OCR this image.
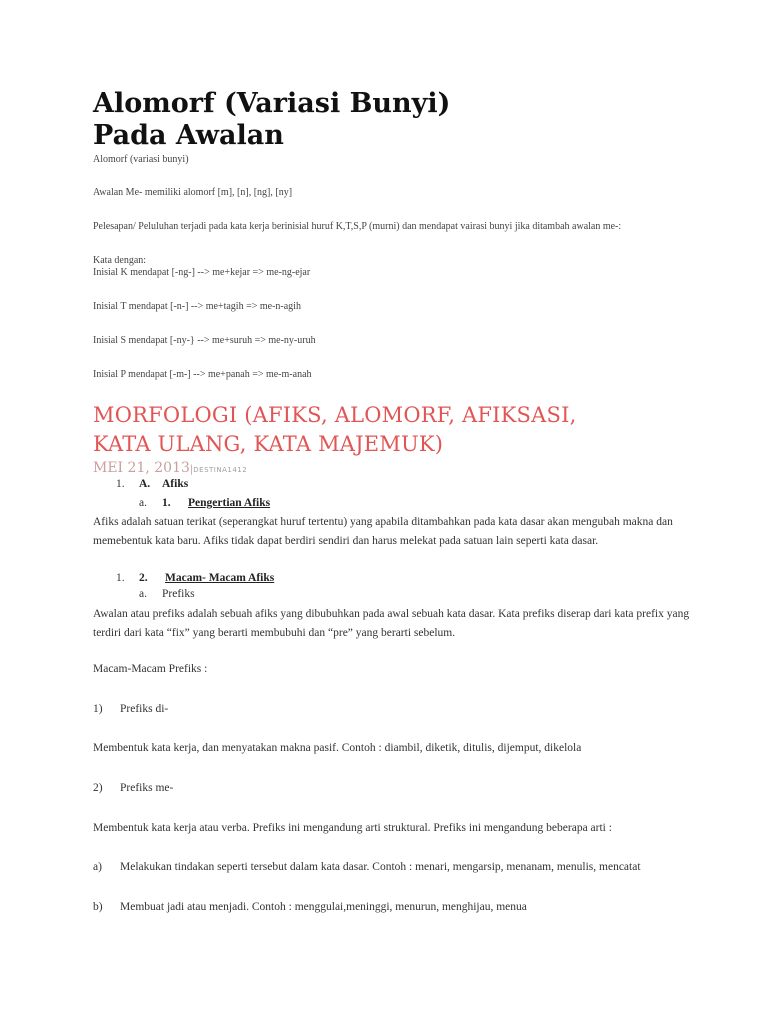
Alomorf (Variasi Bunyi)
Pada Awalan
Alomorf (variasi bunyi)
Awalan Me- memiliki alomorf [m], [n], [ng], [ny]
Pelesapan/ Peluluhan terjadi pada kata kerja berinisial huruf K,T,S,P (murni) dan mendapat vairasi bunyi jika ditambah awalan me-:
Kata dengan:
Inisial K mendapat [-ng-] --> me+kejar => me-ng-ejar
Inisial T mendapat [-n-] --> me+tagih => me-n-agih
Inisial S mendapat [-ny-} --> me+suruh => me-ny-uruh
Inisial P mendapat [-m-] --> me+panah => me-m-anah
MORFOLOGI (AFIKS, ALOMORF, AFIKSASI,
KATA ULANG, KATA MAJEMUK)
MEI 21, 2013|DESTINA1412
1. A. Afiks
a. 1. Pengertian Afiks
Afiks adalah satuan terikat (seperangkat huruf tertentu) yang apabila ditambahkan pada kata dasar akan mengubah makna dan memebentuk kata baru. Afiks tidak dapat berdiri sendiri dan harus melekat pada satuan lain seperti kata dasar.
1. 2. Macam- Macam Afiks
a. Prefiks
Awalan atau prefiks adalah sebuah afiks yang dibubuhkan pada awal sebuah kata dasar. Kata prefiks diserap dari kata prefix yang terdiri dari kata “fix” yang berarti membubuhi dan “pre” yang berarti sebelum.
Macam-Macam Prefiks :
1) Prefiks di-
Membentuk kata kerja, dan menyatakan makna pasif. Contoh : diambil, diketik, ditulis, dijemput, dikelola
2) Prefiks me-
Membentuk kata kerja atau verba. Prefiks ini mengandung arti struktural. Prefiks ini mengandung beberapa arti :
a) Melakukan tindakan seperti tersebut dalam kata dasar. Contoh : menari, mengarsip, menanam, menulis, mencatat
b) Membuat jadi atau menjadi. Contoh : menggulai,meninggi, menurun, menghijau, menua
